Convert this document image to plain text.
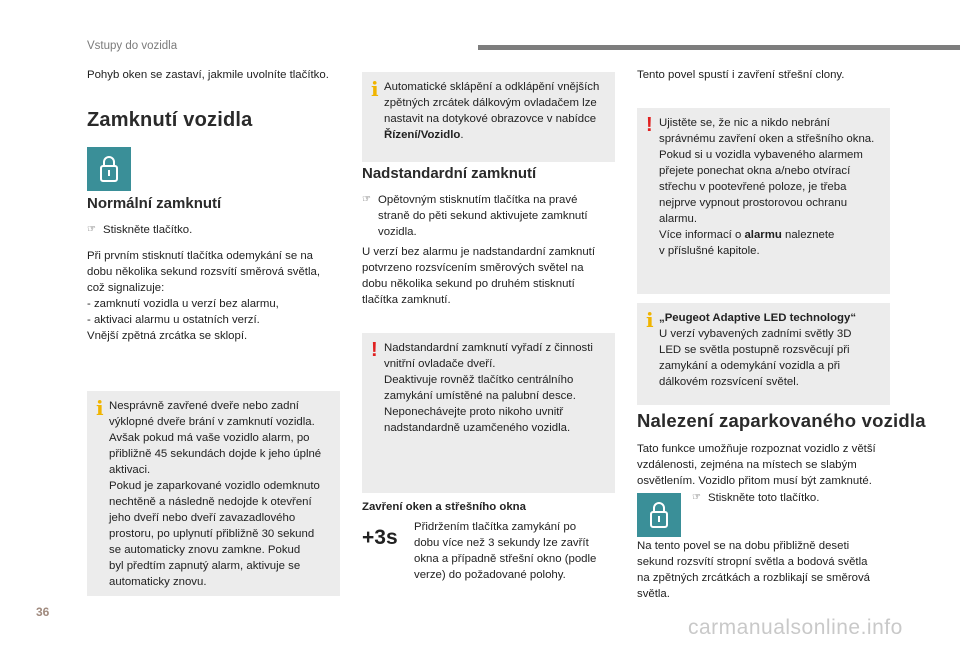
Vstupy do vozidla

Pohyb oken se zastaví, jakmile uvolníte tlačítko.

Zamknutí vozidla
Normální zamknutí
☞ Stiskněte tlačítko.

Při prvním stisknutí tlačítka odemykání se na

dobu několika sekund rozsvítí směrová světla,

což signalizuje:

- zamknutí vozidla u verzí bez alarmu,

- aktivaci alarmu u ostatních verzí.

Vnější zpětná zrcátka se sklopí.

i Nesprávně zavřené dveře nebo zadní

výklopné dveře brání v zamknutí vozidla.

Avšak pokud má vaše vozidlo alarm, po

přibližně 45 sekundách dojde k jeho úplné

aktivaci.

Pokud je zaparkované vozidlo odemknuto

nechtěně a následně nedojde k otevření

jeho dveří nebo dveří zavazadlového

prostoru, po uplynutí přibližně 30 sekund

se automaticky znovu zamkne. Pokud

byl předtím zapnutý alarm, aktivuje se

automaticky znovu.

i Automatické sklápění a odklápění vnějších

zpětných zrcátek dálkovým ovladačem lze

nastavit na dotykové obrazovce v nabídce

Řízení/Vozidlo.

Nadstandardní zamknutí
☞ Opětovným stisknutím tlačítka na pravé

straně do pěti sekund aktivujete zamknutí

vozidla.

U verzí bez alarmu je nadstandardní zamknutí

potvrzeno rozsvícením směrových světel na

dobu několika sekund po druhém stisknutí

tlačítka zamknutí.

! Nadstandardní zamknutí vyřadí z činnosti

vnitřní ovladače dveří.

Deaktivuje rovněž tlačítko centrálního

zamykání umístěné na palubní desce.

Neponechávejte proto nikoho uvnitř

nadstandardně uzamčeného vozidla.

Zavření oken a střešního okna
+3s Přidržením tlačítka zamykání po

dobu více než 3 sekundy lze zavřít

okna a případně střešní okno (podle

verze) do požadované polohy.

Tento povel spustí i zavření střešní clony.

! Ujistěte se, že nic a nikdo nebrání

správnému zavření oken a střešního okna.

Pokud si u vozidla vybaveného alarmem

přejete ponechat okna a/nebo otvírací

střechu v pootevřené poloze, je třeba

nejprve vypnout prostorovou ochranu

alarmu.

Více informací o alarmu naleznete

v příslušné kapitole.

i „Peugeot Adaptive LED technology“

U verzí vybavených zadními světly 3D

LED se světla postupně rozsvěcují při

zamykání a odemykání vozidla a při

dálkovém rozsvícení světel.

Nalezení zaparkovaného vozidla

Tato funkce umožňuje rozpoznat vozidlo z větší

vzdálenosti, zejména na místech se slabým

osvětlením. Vozidlo přitom musí být zamknuté.

☞ Stiskněte toto tlačítko.

Na tento povel se na dobu přibližně deseti

sekund rozsvítí stropní světla a bodová světla

na zpětných zrcátkách a rozblikají se směrová

světla.

36
carmanualsonline.info
